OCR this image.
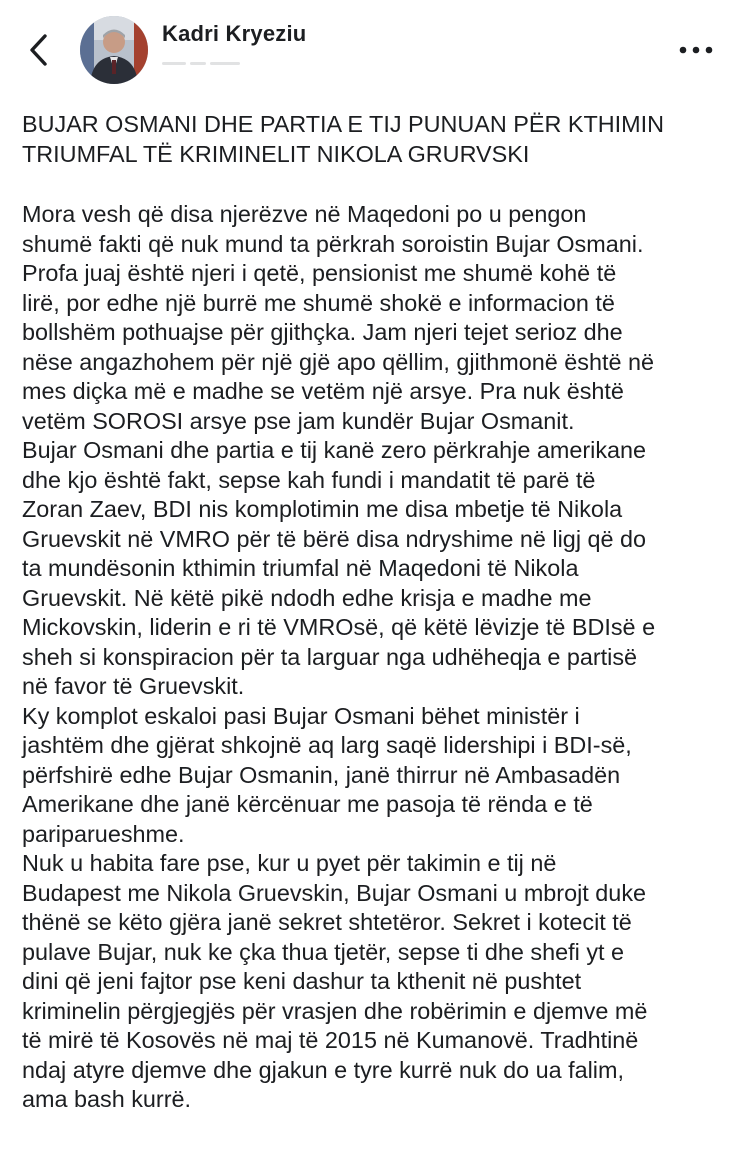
Kadri Kryeziu
BUJAR OSMANI DHE PARTIA E TIJ PUNUAN PËR KTHIMIN
TRIUMFAL TË KRIMINELIT NIKOLA GRURVSKI
Mora vesh që disa njerëzve në Maqedoni po u pengon
shumë fakti që nuk mund ta përkrah soroistin Bujar Osmani.
Profa juaj është njeri i qetë, pensionist me shumë kohë të
lirë, por edhe një burrë me shumë shokë e informacion të
bollshëm pothuajse për gjithçka. Jam njeri tejet serioz dhe
nëse angazhohem për një gjë apo qëllim, gjithmonë është në
mes diçka më e madhe se vetëm një arsye. Pra nuk është
vetëm SOROSI arsye pse jam kundër Bujar Osmanit.
Bujar Osmani dhe partia e tij kanë zero përkrahje amerikane
dhe kjo është fakt, sepse kah fundi i mandatit të parë të
Zoran Zaev, BDI nis komplotimin me disa mbetje të Nikola
Gruevskit në VMRO për të bërë disa ndryshime në ligj që do
ta mundësonin kthimin triumfal në Maqedoni të Nikola
Gruevskit. Në këtë pikë ndodh edhe krisja e madhe me
Mickovskin, liderin e ri të VMROsë, që këtë lëvizje të BDIsë e
sheh si konspiracion për ta larguar nga udhëheqja e partisë
në favor të Gruevskit.
Ky komplot eskaloi pasi Bujar Osmani bëhet ministër i
jashtëm dhe gjërat shkojnë aq larg saqë lidershipi i BDI-së,
përfshirë edhe Bujar Osmanin, janë thirrur në Ambasadën
Amerikane dhe janë kërcënuar me pasoja të rënda e të
pariparueshme.
Nuk u habita fare pse, kur u pyet për takimin e tij në
Budapest me Nikola Gruevskin, Bujar Osmani u mbrojt duke
thënë se këto gjëra janë sekret shtetëror. Sekret i kotecit të
pulave Bujar, nuk ke çka thua tjetër, sepse ti dhe shefi yt e
dini që jeni fajtor pse keni dashur ta kthenit në pushtet
kriminelin përgjegjës për vrasjen dhe robërimin e djemve më
të mirë të Kosovës në maj të 2015 në Kumanovë. Tradhtinë
ndaj atyre djemve dhe gjakun e tyre kurrë nuk do ua falim,
ama bash kurrë.
